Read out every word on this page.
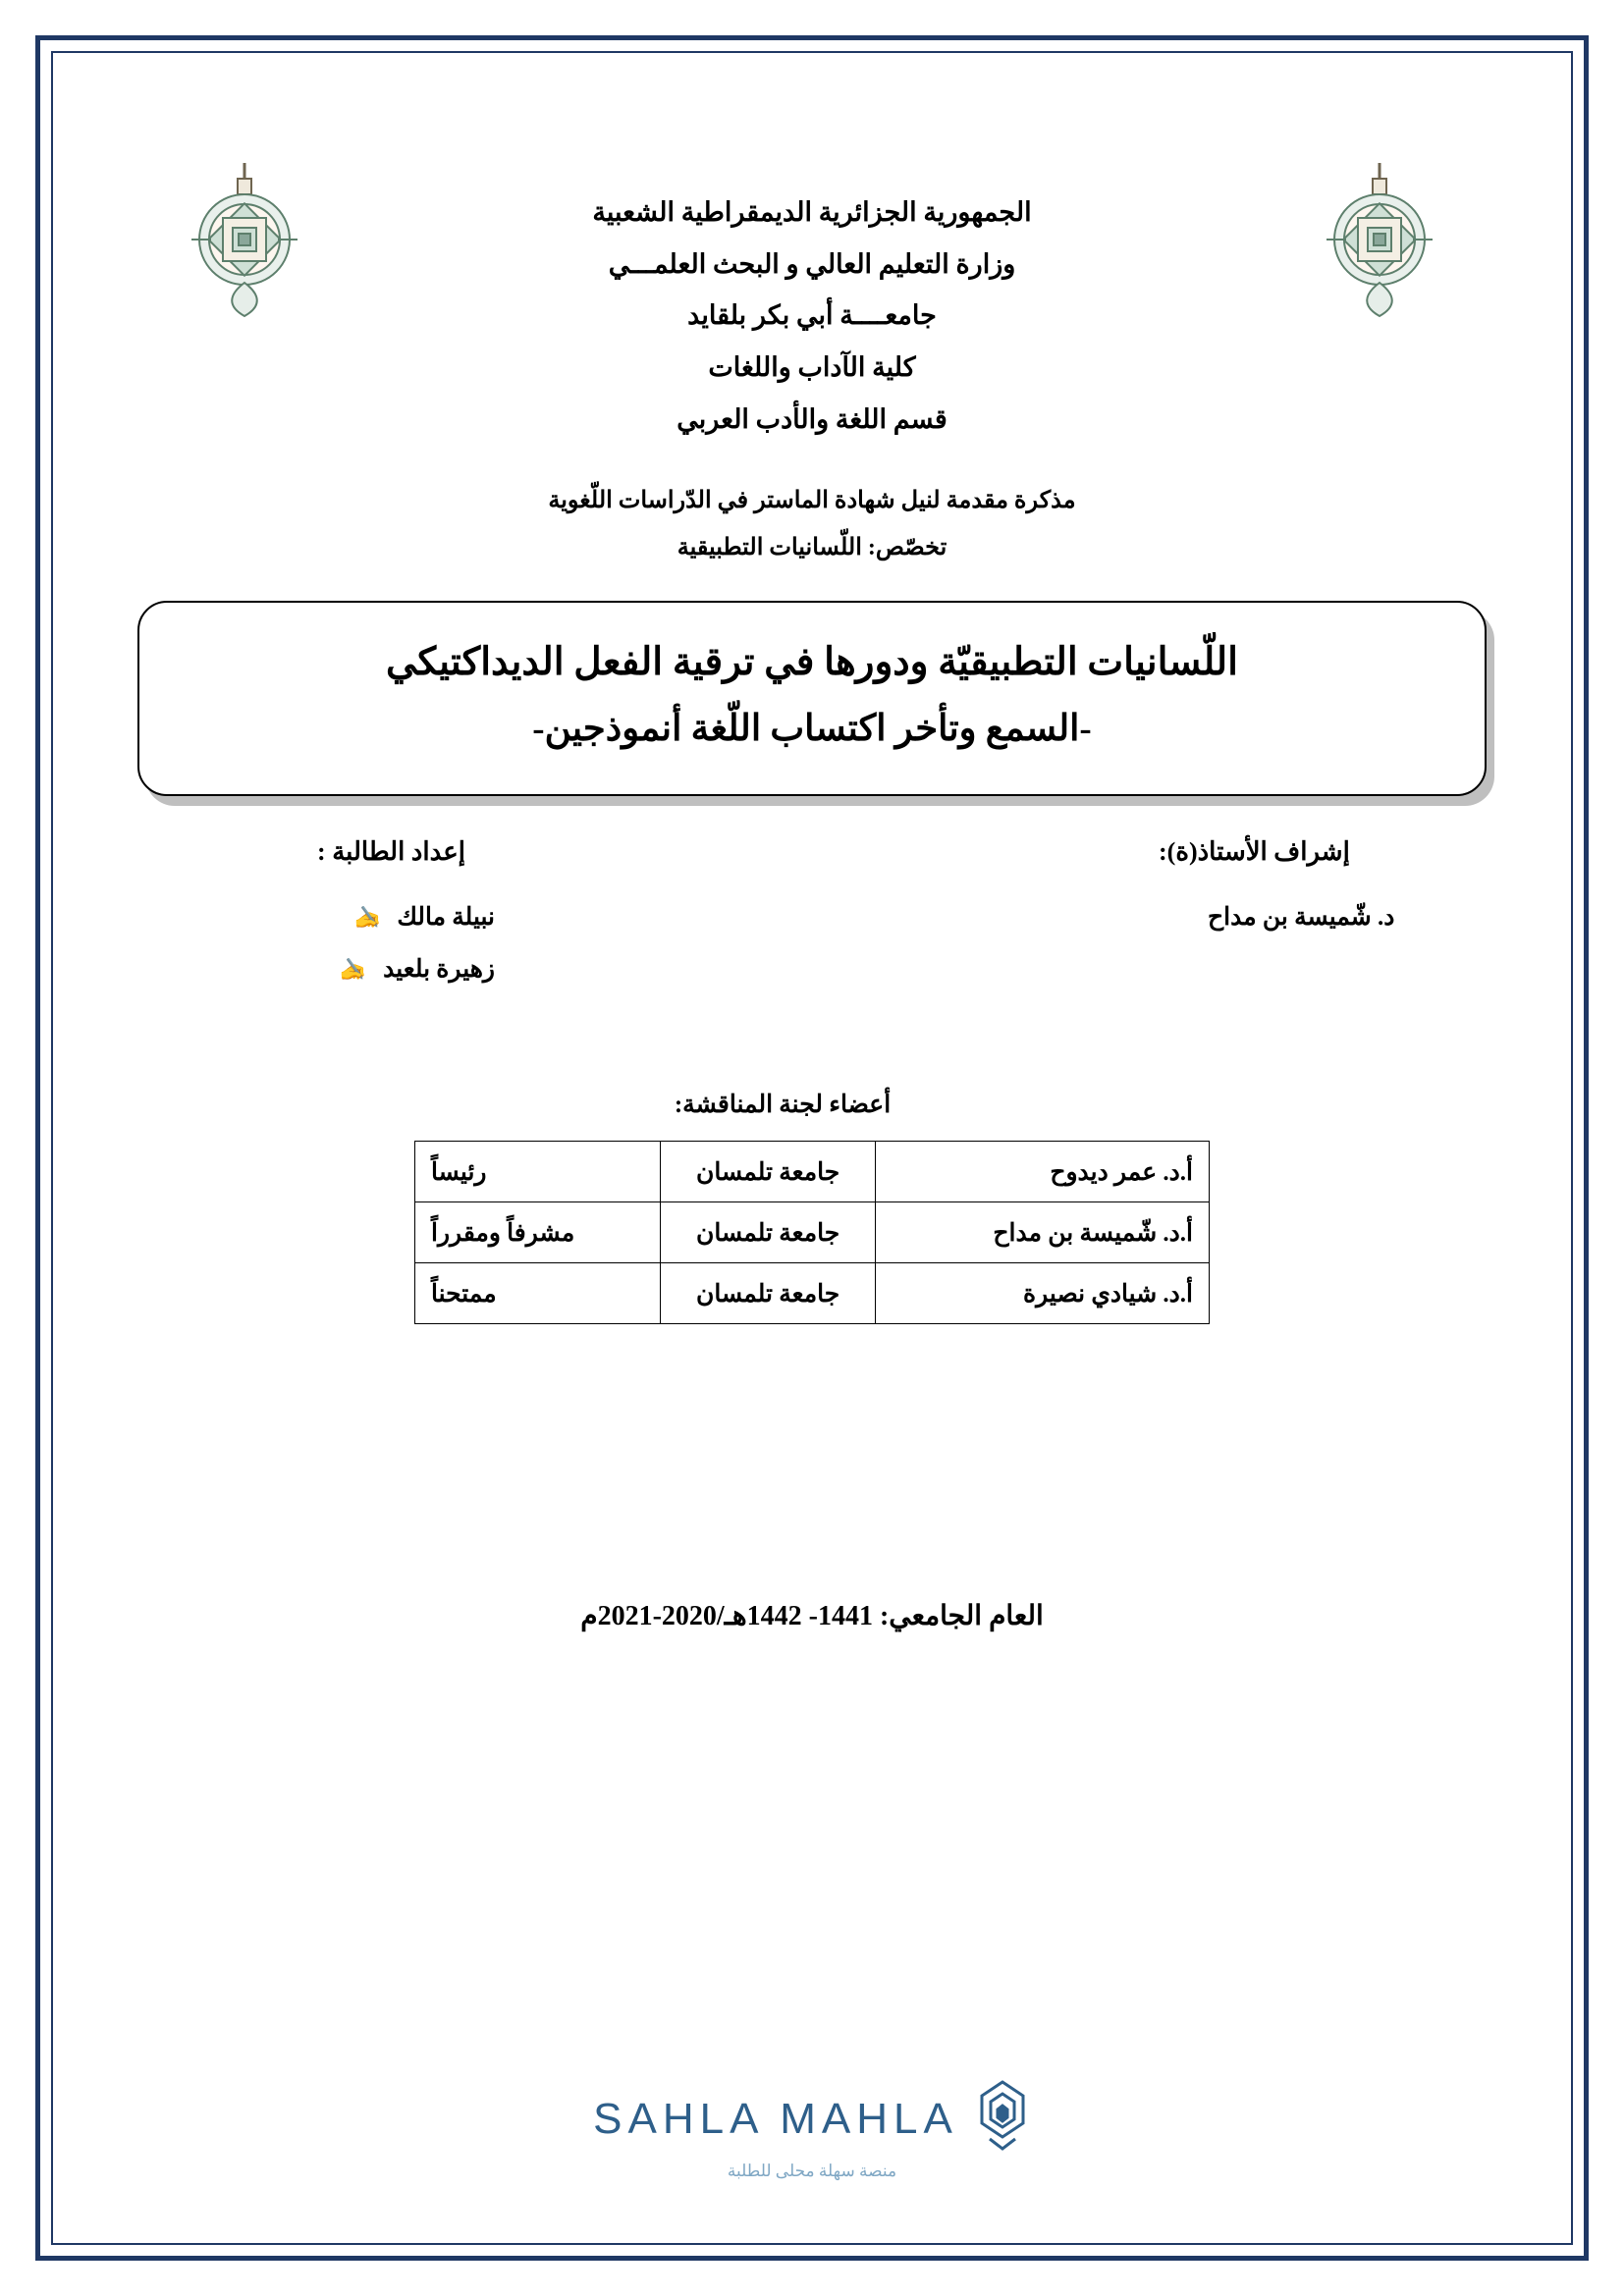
الجمهورية الجزائرية الديمقراطية الشعبية
وزارة التعليم العالي و البحث العلمـــي
جامعــــة أبي بكر بلقايد
كلية الآداب واللغات
قسم اللغة والأدب العربي
مذكرة مقدمة لنيل شهادة الماستر في الدّراسات اللّغوية
تخصّص: اللّسانيات التطبيقية
اللّسانيات التطبيقيّة ودورها في ترقية الفعل الديداكتيكي
-السمع وتأخر اكتساب اللّغة أنموذجين-
إشراف الأستاذ(ة):
د. شّميسة بن مداح
إعداد الطالبة :
نبيلة مالك ✍
زهيرة بلعيد ✍
أعضاء لجنة المناقشة:
أ.د. عمر ديدوح	جامعة تلمسان	رئيساً
أ.د. شّميسة بن مداح	جامعة تلمسان	مشرفاً ومقرراً
أ.د. شيادي نصيرة	جامعة تلمسان	ممتحناً
العام الجامعي: 1441- 1442هـ/2020-2021م
SAHLA MAHLA
منصة سهلة محلى للطلبة
